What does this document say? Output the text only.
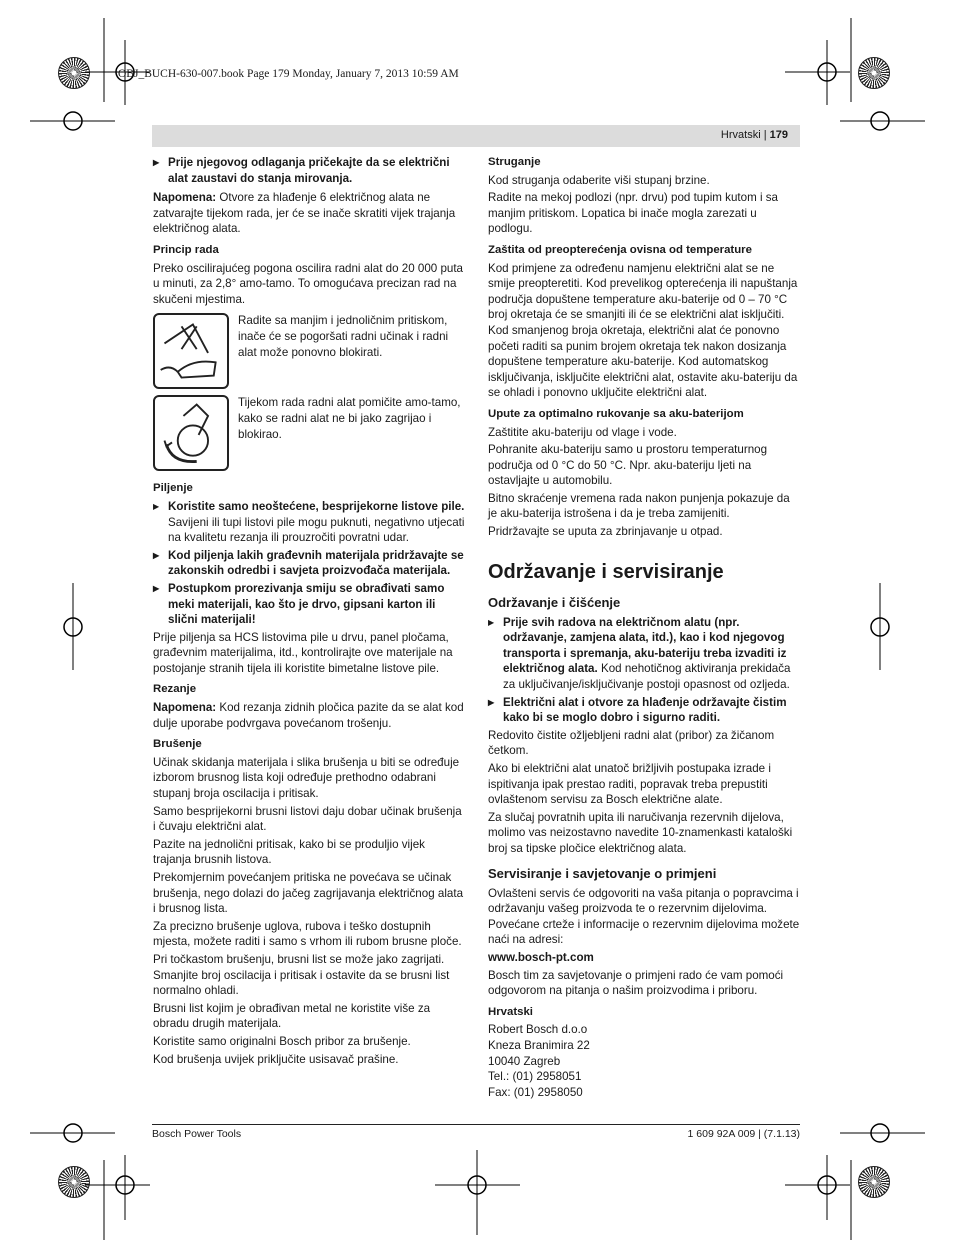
OBJ_BUCH-630-007.book Page 179 Monday, January 7, 2013 10:59 AM
Hrvatski | 179

▶ Prije njegovog odlaganja pričekajte da se električni alat zaustavi do stanja mirovanja.

Napomena: Otvore za hlađenje 6 električnog alata ne zatvarajte tijekom rada, jer će se inače skratiti vijek trajanja električnog alata.

Princip rada

Preko oscilirajućeg pogona oscilira radni alat do 20 000 puta u minuti, za 2,8° amo-tamo. To omogućava precizan rad na skučeni mjestima.

Radite sa manjim i jednoličnim pritiskom, inače će se pogoršati radni učinak i radni alat može ponovno blokirati.

Tijekom rada radni alat pomičite amo-tamo, kako se radni alat ne bi jako zagrijao i blokirao.

Piljenje

▶ Koristite samo neoštećene, besprijekorne listove pile. Savijeni ili tupi listovi pile mogu puknuti, negativno utjecati na kvalitetu rezanja ili prouzročiti povratni udar.

▶ Kod piljenja lakih građevnih materijala pridržavajte se zakonskih odredbi i savjeta proizvođača materijala.

▶ Postupkom prorezivanja smiju se obrađivati samo meki materijali, kao što je drvo, gipsani karton ili slični materijali!

Prije piljenja sa HCS listovima pile u drvu, panel pločama, građevnim materijalima, itd., kontrolirajte ove materijale na postojanje stranih tijela ili koristite bimetalne listove pile.

Rezanje

Napomena: Kod rezanja zidnih pločica pazite da se alat kod dulje uporabe podvrgava povećanom trošenju.

Brušenje

Učinak skidanja materijala i slika brušenja u biti se određuje izborom brusnog lista koji određuje prethodno odabrani stupanj broja oscilacija i pritisak.

Samo besprijekorni brusni listovi daju dobar učinak brušenja i čuvaju električni alat.

Pazite na jednolični pritisak, kako bi se produljio vijek trajanja brusnih listova.

Prekomjernim povećanjem pritiska ne povećava se učinak brušenja, nego dolazi do jačeg zagrijavanja električnog alata i brusnog lista.

Za precizno brušenje uglova, rubova i teško dostupnih mjesta, možete raditi i samo s vrhom ili rubom brusne ploče.

Pri točkastom brušenju, brusni list se može jako zagrijati. Smanjite broj oscilacija i pritisak i ostavite da se brusni list normalno ohladi.

Brusni list kojim je obrađivan metal ne koristite više za obradu drugih materijala.

Koristite samo originalni Bosch pribor za brušenje.

Kod brušenja uvijek priključite usisavač prašine.

Struganje

Kod struganja odaberite viši stupanj brzine.

Radite na mekoj podlozi (npr. drvu) pod tupim kutom i sa manjim pritiskom. Lopatica bi inače mogla zarezati u podlogu.

Zaštita od preopterećenja ovisna od temperature

Kod primjene za određenu namjenu električni alat se ne smije preopteretiti. Kod prevelikog opterećenja ili napuštanja područja dopuštene temperature aku-baterije od 0 – 70 °C broj okretaja će se smanjiti ili će se električni alat isključiti. Kod smanjenog broja okretaja, električni alat će ponovno početi raditi sa punim brojem okretaja tek nakon dosizanja dopuštene temperature aku-baterije. Kod automatskog isključivanja, isključite električni alat, ostavite aku-bateriju da se ohladi i ponovno uključite električni alat.

Upute za optimalno rukovanje sa aku-baterijom

Zaštitite aku-bateriju od vlage i vode.

Pohranite aku-bateriju samo u prostoru temperaturnog područja od 0 °C do 50 °C. Npr. aku-bateriju ljeti na ostavljajte u automobilu.

Bitno skraćenje vremena rada nakon punjenja pokazuje da je aku-baterija istrošena i da je treba zamijeniti.

Pridržavajte se uputa za zbrinjavanje u otpad.

Održavanje i servisiranje

Održavanje i čišćenje

▶ Prije svih radova na električnom alatu (npr. održavanje, zamjena alata, itd.), kao i kod njegovog transporta i spremanja, aku-bateriju treba izvaditi iz električnog alata. Kod nehotičnog aktiviranja prekidača za uključivanje/isključivanje postoji opasnost od ozljeda.

▶ Električni alat i otvore za hlađenje održavajte čistim kako bi se moglo dobro i sigurno raditi.

Redovito čistite ožljebljeni radni alat (pribor) za žičanom četkom.

Ako bi električni alat unatoč brižljivih postupaka izrade i ispitivanja ipak prestao raditi, popravak treba prepustiti ovlaštenom servisu za Bosch električne alate.

Za slučaj povratnih upita ili naručivanja rezervnih dijelova, molimo vas neizostavno navedite 10-znamenkasti kataloški broj sa tipske pločice električnog alata.

Servisiranje i savjetovanje o primjeni

Ovlašteni servis će odgovoriti na vaša pitanja o popravcima i održavanju vašeg proizvoda te o rezervnim dijelovima. Povećane crteže i informacije o rezervnim dijelovima možete naći na adresi:

www.bosch-pt.com

Bosch tim za savjetovanje o primjeni rado će vam pomoći odgovorom na pitanja o našim proizvodima i priboru.

Hrvatski

Robert Bosch d.o.o

Kneza Branimira 22

10040 Zagreb

Tel.: (01) 2958051

Fax: (01) 2958050

Bosch Power Tools	1 609 92A 009 | (7.1.13)
